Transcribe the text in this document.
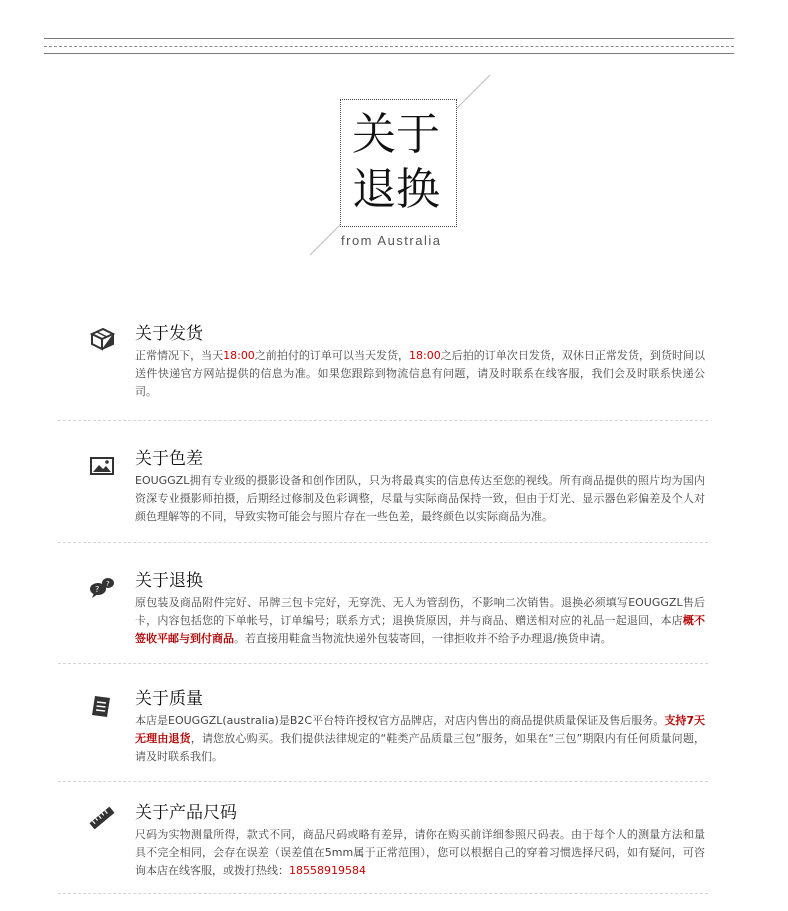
关于
退换
from Australia
关于发货

正常情况下，当天18:00之前拍付的订单可以当天发货，18:00之后拍的订单次日发货，双休日正常发货，到货时间以送件快递官方网站提供的信息为准。如果您跟踪到物流信息有问题，请及时联系在线客服，我们会及时联系快递公司。

关于色差

EOUGGZL拥有专业级的摄影设备和创作团队，只为将最真实的信息传达至您的视线。所有商品提供的照片均为国内资深专业摄影师拍摄，后期经过修制及色彩调整，尽量与实际商品保持一致，但由于灯光、显示器色彩偏差及个人对颜色理解等的不同，导致实物可能会与照片存在一些色差，最终颜色以实际商品为准。

?
? 关于退换

原包装及商品附件完好、吊牌三包卡完好，无穿洗、无人为管刮伤，不影响二次销售。退换必须填写EOUGGZL售后卡，内容包括您的下单帐号，订单编号；联系方式；退换货原因，并与商品、赠送相对应的礼品一起退回，本店概不签收平邮与到付商品。若直接用鞋盒当物流快递外包装寄回，一律拒收并不给予办理退/换货申请。

关于质量

本店是EOUGGZL(australia)是B2C平台特许授权官方品牌店，对店内售出的商品提供质量保证及售后服务。支持7天无理由退货，请您放心购买。我们提供法律规定的“鞋类产品质量三包”服务，如果在“三包”期限内有任何质量问题，请及时联系我们。

关于产品尺码

尺码为实物测量所得，款式不同，商品尺码或略有差异，请你在购买前详细参照尺码表。由于每个人的测量方法和量具不完全相同，会存在误差（误差值在5mm属于正常范围），您可以根据自己的穿着习惯选择尺码，如有疑问，可咨询本店在线客服，或拨打热线：18558919584
